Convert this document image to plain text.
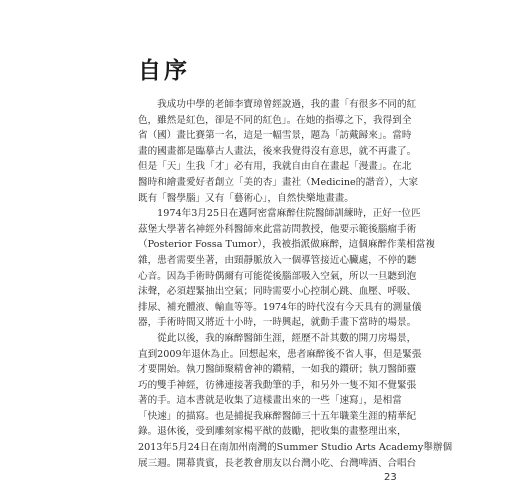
自序
　　我成功中學的老師李寶璋曾經說過，我的畫「有很多不同的紅
色，雖然是紅色，卻是不同的紅色」。在她的指導之下，我得到全
省（國）畫比賽第一名，這是一幅雪景，題為「訪戴歸來」。當時
畫的國畫都是臨摹古人畫法，後來我覺得沒有意思，就不再畫了。
但是「天」生我「才」必有用，我就自由自在畫起「漫畫」。在北
醫時和繪畫愛好者創立「美的杏」畫社（Medicine的諧音），大家
既有「醫學腦」又有「藝術心」，自然快樂地畫畫。
　　1974年3月25日在邁阿密當麻醉住院醫師訓練時，正好一位匹
茲堡大學著名神經外科醫師來此當訪問教授，他要示範後腦瘤手術
（Posterior Fossa Tumor），我被指派做麻醉，這個麻醉作業相當複
雜，患者需要坐著，由頸靜脈放入一個導管接近心臟處，不停的聽
心音。因為手術時偶爾有可能從後腦部吸入空氣，所以一旦聽到泡
沫聲，必須趕緊抽出空氣；同時需要小心控制心跳、血壓、呼吸、
排尿、補充體液、輸血等等。1974年的時代沒有今天具有的測量儀
器，手術時間又將近十小時，一時興起，就動手畫下當時的場景。
　　從此以後，我的麻醉醫師生涯，經歷不計其數的開刀房場景，
直到2009年退休為止。回想起來，患者麻醉後不省人事，但是緊張
才要開始。執刀醫師聚精會神的鑽精，一如我的鑽研；執刀醫師靈
巧的雙手神經，彷彿連接著我動筆的手，和另外一隻不知不覺緊張
著的手。這本書就是收集了這樣畫出來的一些「速寫」，是相當
「快速」的描寫。也是捕捉我麻醉醫師三十五年職業生涯的精華紀
錄。退休後，受到雕刻家楊平猷的鼓勵，把收集的畫整理出來，
2013年5月24日在南加州南灣的Summer Studio Arts Academy舉辦個
展三週。開幕貴賓，長老教會朋友以台灣小吃、台灣啤酒、合唱台
23
